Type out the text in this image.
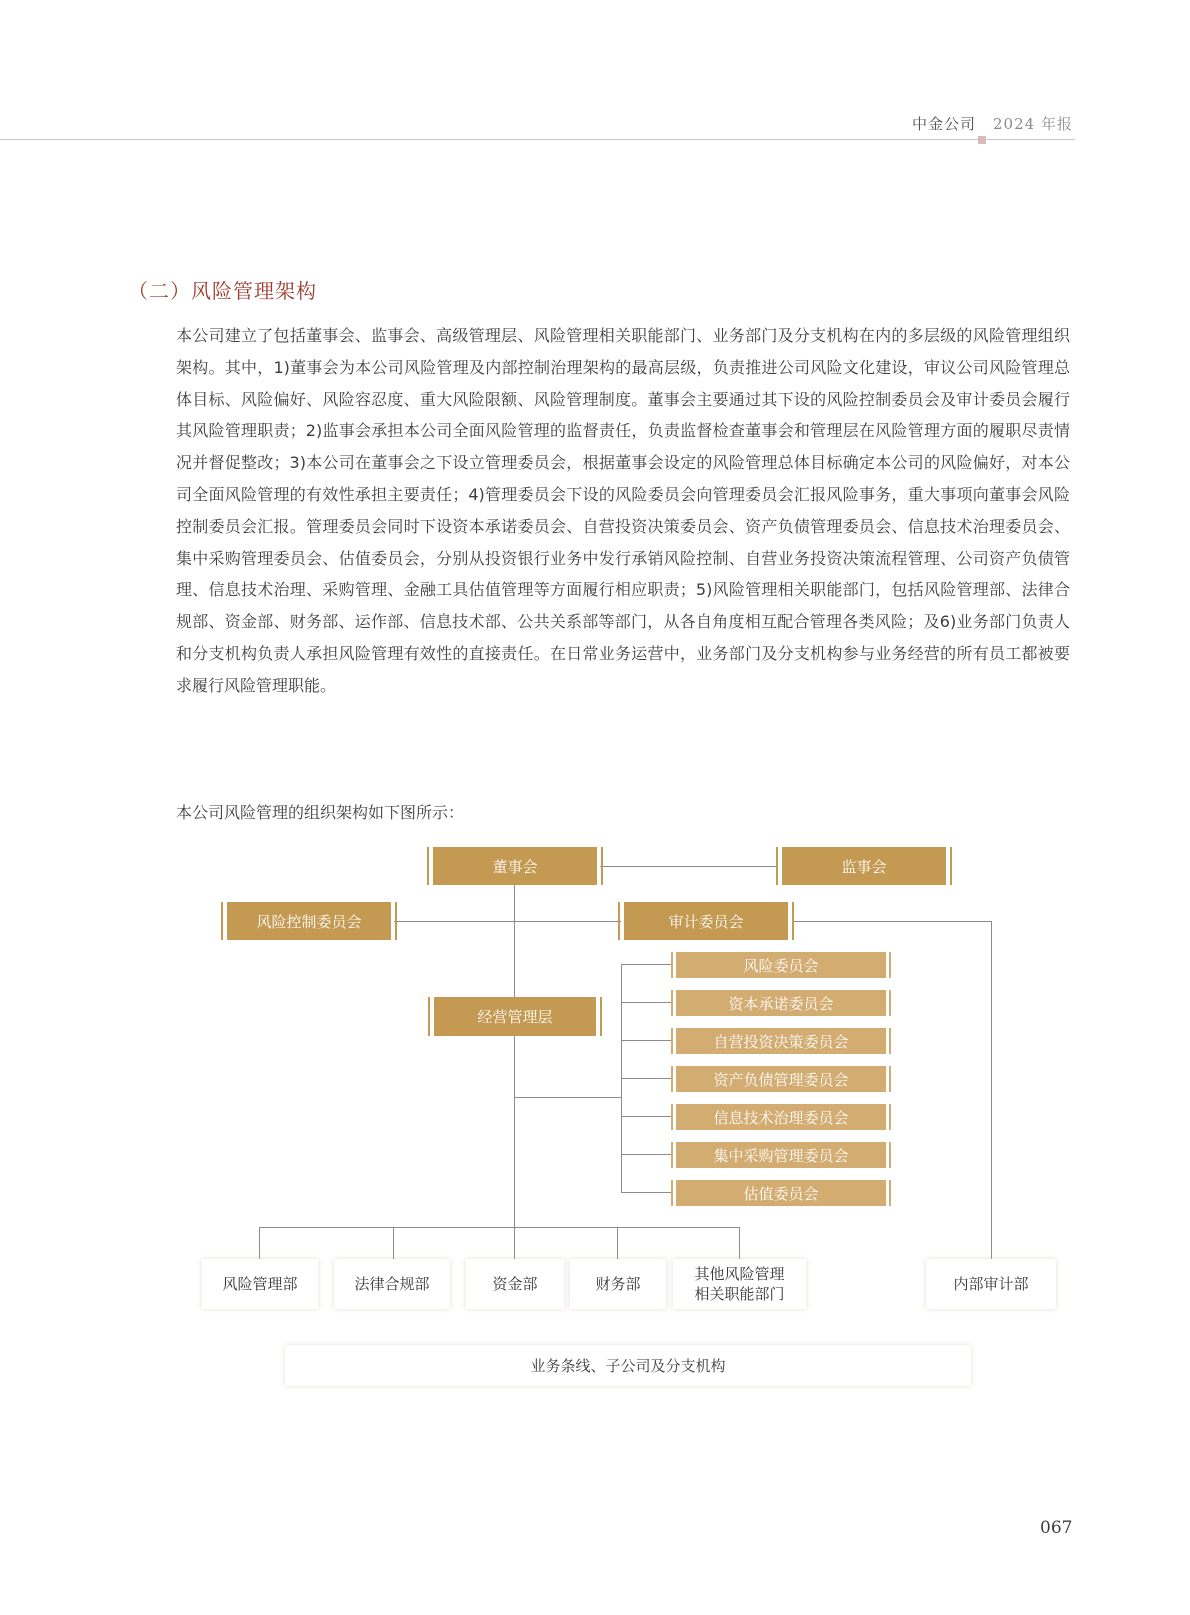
中金公司 2024 年报
（二）风险管理架构

本公司建立了包括董事会、监事会、高级管理层、风险管理相关职能部门、业务部门及分支机构在内的多层级的风险管理组织架构。其中，1)董事会为本公司风险管理及内部控制治理架构的最高层级，负责推进公司风险文化建设，审议公司风险管理总体目标、风险偏好、风险容忍度、重大风险限额、风险管理制度。董事会主要通过其下设的风险控制委员会及审计委员会履行其风险管理职责；2)监事会承担本公司全面风险管理的监督责任，负责监督检查董事会和管理层在风险管理方面的履职尽责情况并督促整改；3)本公司在董事会之下设立管理委员会，根据董事会设定的风险管理总体目标确定本公司的风险偏好，对本公司全面风险管理的有效性承担主要责任；4)管理委员会下设的风险委员会向管理委员会汇报风险事务，重大事项向董事会风险控制委员会汇报。管理委员会同时下设资本承诺委员会、自营投资决策委员会、资产负债管理委员会、信息技术治理委员会、集中采购管理委员会、估值委员会，分别从投资银行业务中发行承销风险控制、自营业务投资决策流程管理、公司资产负债管理、信息技术治理、采购管理、金融工具估值管理等方面履行相应职责；5)风险管理相关职能部门，包括风险管理部、法律合规部、资金部、财务部、运作部、信息技术部、公共关系部等部门，从各自角度相互配合管理各类风险；及6)业务部门负责人和分支机构负责人承担风险管理有效性的直接责任。在日常业务运营中，业务部门及分支机构参与业务经营的所有员工都被要求履行风险管理职能。

本公司风险管理的组织架构如下图所示：
董事会	监事会
风险控制委员会	审计委员会
经营管理层
风险委员会
资本承诺委员会
自营投资决策委员会
资产负债管理委员会
信息技术治理委员会
集中采购管理委员会
估值委员会
风险管理部	法律合规部	资金部	财务部
其他风险管理
相关职能部门
内部审计部
业务条线、子公司及分支机构
067
